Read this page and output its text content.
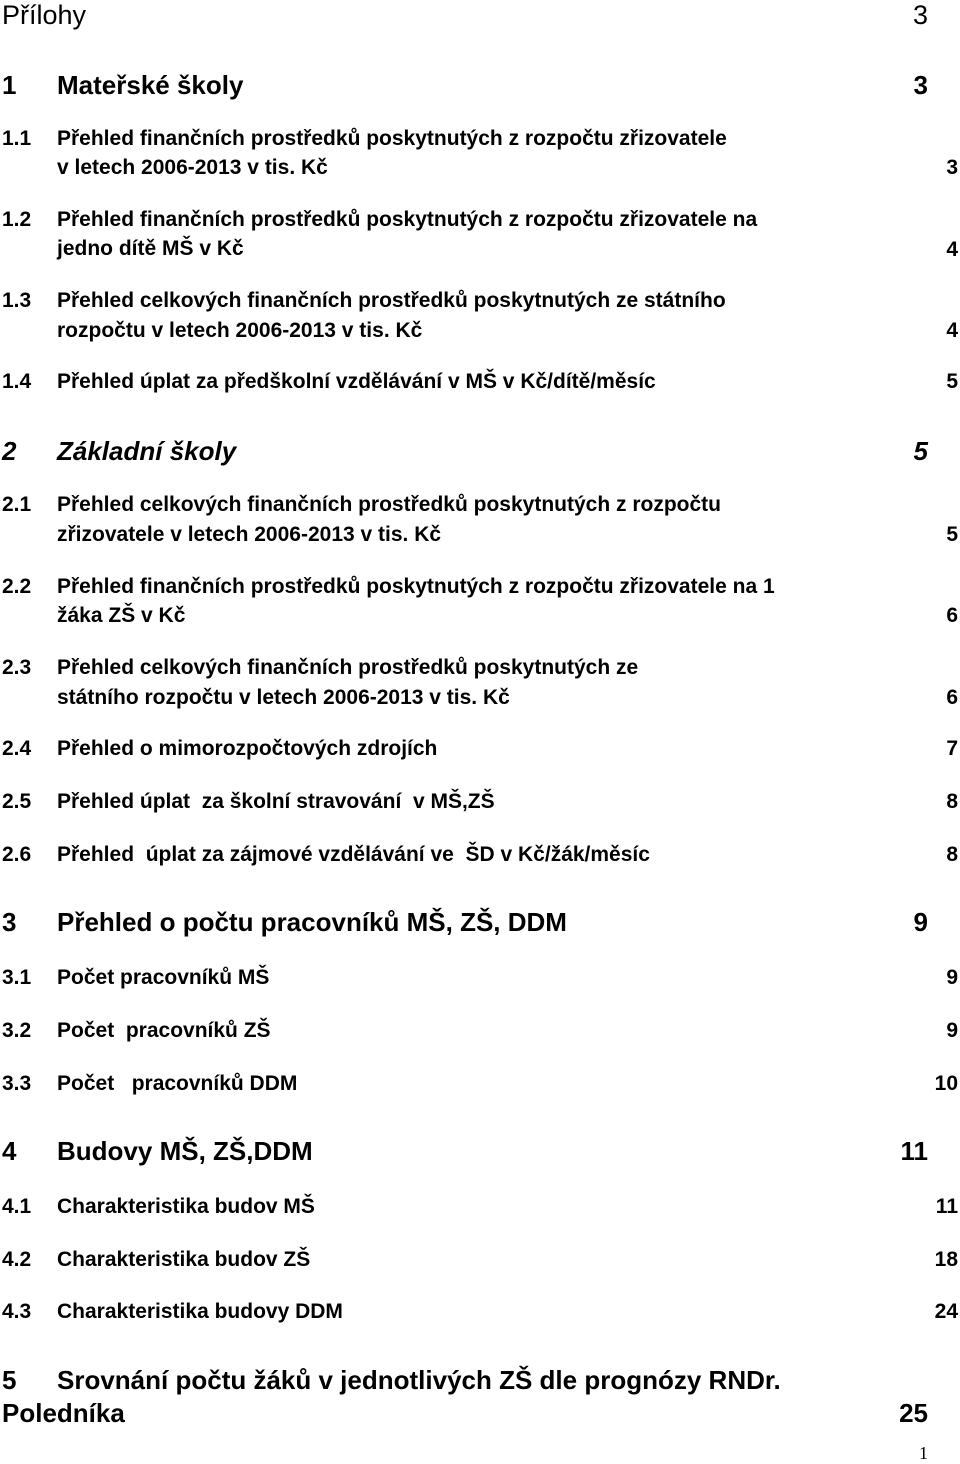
Přílohy	3
1 Mateřské školy	3
1.1 Přehled finančních prostředků poskytnutých z rozpočtu zřizovatele
v letech 2006-2013 v tis. Kč	3
1.2 Přehled finančních prostředků poskytnutých z rozpočtu zřizovatele na
jedno dítě MŠ v Kč	4
1.3 Přehled celkových finančních prostředků poskytnutých ze státního
rozpočtu v letech 2006-2013 v tis. Kč	4
1.4 Přehled úplat za předškolní vzdělávání v MŠ v Kč/dítě/měsíc	5
2 Základní školy	5
2.1 Přehled celkových finančních prostředků poskytnutých z rozpočtu
zřizovatele v letech 2006-2013 v tis. Kč	5
2.2 Přehled finančních prostředků poskytnutých z rozpočtu zřizovatele na 1
žáka ZŠ v Kč	6
2.3 Přehled celkových finančních prostředků poskytnutých ze
státního rozpočtu v letech 2006-2013 v tis. Kč	6
2.4 Přehled o mimorozpočtových zdrojích	7
2.5 Přehled úplat  za školní stravování  v MŠ,ZŠ	8
2.6 Přehled  úplat za zájmové vzdělávání ve  ŠD v Kč/žák/měsíc	8
3 Přehled o počtu pracovníků MŠ, ZŠ, DDM	9
3.1 Počet pracovníků MŠ	9
3.2 Počet  pracovníků ZŠ	9
3.3 Počet   pracovníků DDM	10
4 Budovy MŠ, ZŠ,DDM	11
4.1 Charakteristika budov MŠ	11
4.2 Charakteristika budov ZŠ	18
4.3 Charakteristika budovy DDM	24
5 Srovnání počtu žáků v jednotlivých ZŠ dle prognózy RNDr.
Poledníka	25
1
